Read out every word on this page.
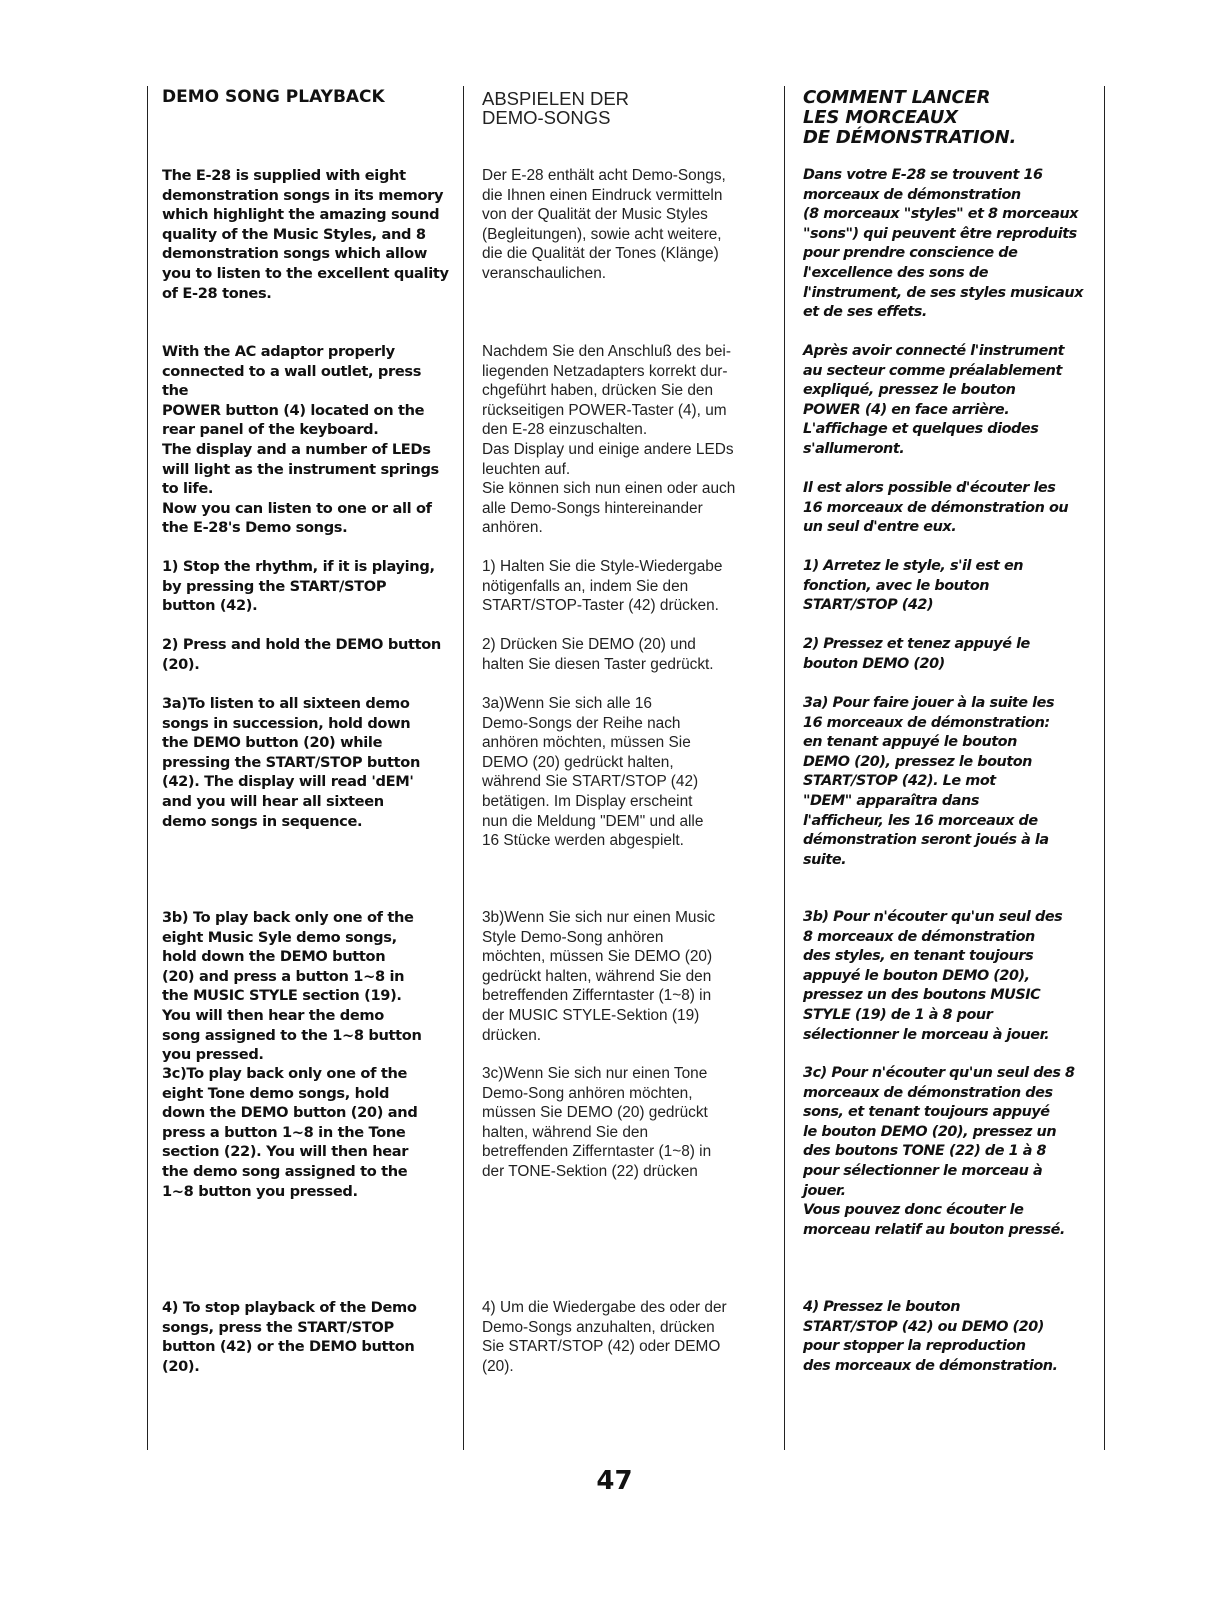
DEMO SONG PLAYBACK

The E-28 is supplied with eight
demonstration songs in its memory
which highlight the amazing sound
quality of the Music Styles, and 8
demonstration songs which allow
you to listen to the excellent quality
of E-28 tones.

With the AC adaptor properly
connected to a wall outlet, press the
POWER button (4) located on the
rear panel of the keyboard.
The display and a number of LEDs
will light as the instrument springs
to life.
Now you can listen to one or all of
the E-28's Demo songs.

1) Stop the rhythm, if it is playing,
by pressing the START/STOP
button (42).

2) Press and hold the DEMO button
(20).

3a)To listen to all sixteen demo
songs in succession, hold down
the DEMO button (20) while
pressing the START/STOP button
(42). The display will read 'dEM'
and you will hear all sixteen
demo songs in sequence.

3b) To play back only one of the
eight Music Syle demo songs,
hold down the DEMO button
(20) and press a button 1~8 in
the MUSIC STYLE section (19).
You will then hear the demo
song assigned to the 1~8 button
you pressed.

3c)To play back only one of the
eight Tone demo songs, hold
down the DEMO button (20) and
press a button 1~8 in the Tone
section (22). You will then hear
the demo song assigned to the
1~8 button you pressed.

4) To stop playback of the Demo
songs, press the START/STOP
button (42) or the DEMO button
(20).

ABSPIELEN DER
DEMO-SONGS

Der E-28 enthält acht Demo-Songs,
die Ihnen einen Eindruck vermitteln
von der Qualität der Music Styles
(Begleitungen), sowie acht weitere,
die die Qualität der Tones (Klänge)
veranschaulichen.

Nachdem Sie den Anschluß des bei-
liegenden Netzadapters korrekt dur-
chgeführt haben, drücken Sie den
rückseitigen POWER-Taster (4), um
den E-28 einzuschalten.
Das Display und einige andere LEDs
leuchten auf.
Sie können sich nun einen oder auch
alle Demo-Songs hintereinander
anhören.

1) Halten Sie die Style-Wiedergabe
nötigenfalls an, indem Sie den
START/STOP-Taster (42) drücken.

2) Drücken Sie DEMO (20) und
halten Sie diesen Taster gedrückt.

3a)Wenn Sie sich alle 16
Demo-Songs der Reihe nach
anhören möchten, müssen Sie
DEMO (20) gedrückt halten,
während Sie START/STOP (42)
betätigen. Im Display erscheint
nun die Meldung "DEM" und alle
16 Stücke werden abgespielt.

3b)Wenn Sie sich nur einen Music
Style Demo-Song anhören
möchten, müssen Sie DEMO (20)
gedrückt halten, während Sie den
betreffenden Zifferntaster (1~8) in
der MUSIC STYLE-Sektion (19)
drücken.

3c)Wenn Sie sich nur einen Tone
Demo-Song anhören möchten,
müssen Sie DEMO (20) gedrückt
halten, während Sie den
betreffenden Zifferntaster (1~8) in
der TONE-Sektion (22) drücken

4) Um die Wiedergabe des oder der
Demo-Songs anzuhalten, drücken
Sie START/STOP (42) oder DEMO
(20).

COMMENT LANCER
LES MORCEAUX
DE DÉMONSTRATION.

Dans votre E-28 se trouvent 16
morceaux de démonstration
(8 morceaux "styles" et 8 morceaux
"sons") qui peuvent être reproduits
pour prendre conscience de
l'excellence des sons de
l'instrument, de ses styles musicaux
et de ses effets.

Après avoir connecté l'instrument
au secteur comme préalablement
expliqué, pressez le bouton
POWER (4) en face arrière.
L'affichage et quelques diodes
s'allumeront.

Il est alors possible d'écouter les
16 morceaux de démonstration ou
un seul d'entre eux.

1) Arretez le style, s'il est en
fonction, avec le bouton
START/STOP (42)

2) Pressez et tenez appuyé le
bouton DEMO (20)

3a) Pour faire jouer à la suite les
16 morceaux de démonstration:
en tenant appuyé le bouton
DEMO (20), pressez le bouton
START/STOP (42). Le mot
"DEM" apparaîtra dans
l'afficheur, les 16 morceaux de
démonstration seront joués à la
suite.

3b) Pour n'écouter qu'un seul des
8 morceaux de démonstration
des styles, en tenant toujours
appuyé le bouton DEMO (20),
pressez un des boutons MUSIC
STYLE (19) de 1 à 8 pour
sélectionner le morceau à jouer.

3c) Pour n'écouter qu'un seul des 8
morceaux de démonstration des
sons, et tenant toujours appuyé
le bouton DEMO (20), pressez un
des boutons TONE (22) de 1 à 8
pour sélectionner le morceau à
jouer.
Vous pouvez donc écouter le
morceau relatif au bouton pressé.

4) Pressez le bouton
START/STOP (42) ou DEMO (20)
pour stopper la reproduction
des morceaux de démonstration.

47
